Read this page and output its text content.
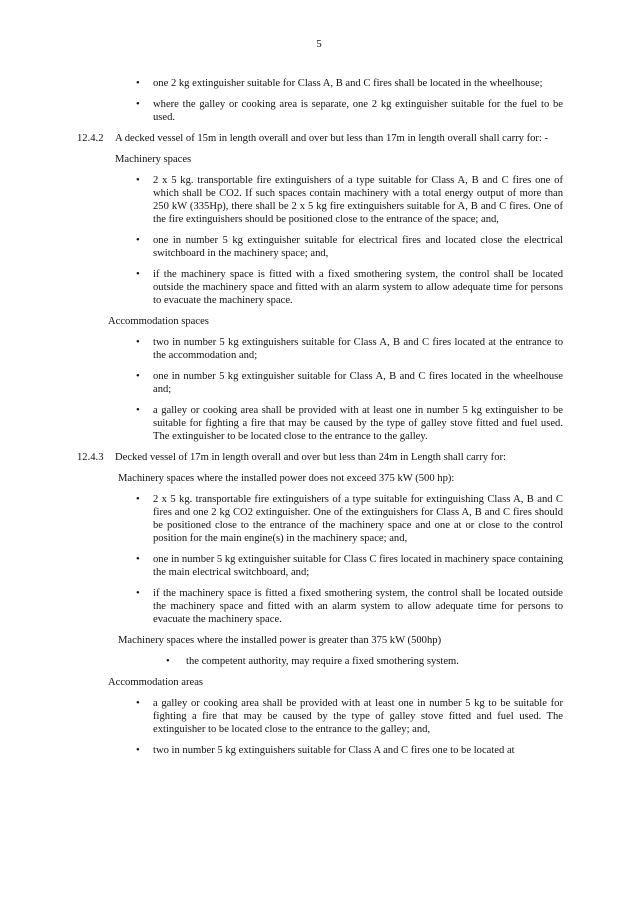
5
• one 2 kg extinguisher suitable for Class A, B and C fires shall be located in the wheelhouse;
• where the galley or cooking area is separate, one 2 kg extinguisher suitable for the fuel to be used.
12.4.2 A decked vessel of 15m in length overall and over but less than 17m in length overall shall carry for: -
Machinery spaces
• 2 x 5 kg. transportable fire extinguishers of a type suitable for Class A, B and C fires one of which shall be CO2. If such spaces contain machinery with a total energy output of more than 250 kW (335Hp), there shall be 2 x 5 kg fire extinguishers suitable for A, B and C fires. One of the fire extinguishers should be positioned close to the entrance of the space; and,
• one in number 5 kg extinguisher suitable for electrical fires and located close the electrical switchboard in the machinery space; and,
• if the machinery space is fitted with a fixed smothering system, the control shall be located outside the machinery space and fitted with an alarm system to allow adequate time for persons to evacuate the machinery space.
Accommodation spaces
• two in number 5 kg extinguishers suitable for Class A, B and C fires located at the entrance to the accommodation and;
• one in number 5 kg extinguisher suitable for Class A, B and C fires located in the wheelhouse and;
• a galley or cooking area shall be provided with at least one in number 5 kg extinguisher to be suitable for fighting a fire that may be caused by the type of galley stove fitted and fuel used. The extinguisher to be located close to the entrance to the galley.
12.4.3 Decked vessel of 17m in length overall and over but less than 24m in Length shall carry for:
Machinery spaces where the installed power does not exceed 375 kW (500 hp):
• 2 x 5 kg. transportable fire extinguishers of a type suitable for extinguishing Class A, B and C fires and one 2 kg CO2 extinguisher. One of the extinguishers for Class A, B and C fires should be positioned close to the entrance of the machinery space and one at or close to the control position for the main engine(s) in the machinery space; and,
• one in number 5 kg extinguisher suitable for Class C fires located in machinery space containing the main electrical switchboard, and;
• if the machinery space is fitted a fixed smothering system, the control shall be located outside the machinery space and fitted with an alarm system to allow adequate time for persons to evacuate the machinery space.
Machinery spaces where the installed power is greater than 375 kW (500hp)
• the competent authority, may require a fixed smothering system.
Accommodation areas
• a galley or cooking area shall be provided with at least one in number 5 kg to be suitable for fighting a fire that may be caused by the type of galley stove fitted and fuel used. The extinguisher to be located close to the entrance to the galley; and,
• two in number 5 kg extinguishers suitable for Class A and C fires one to be located at
